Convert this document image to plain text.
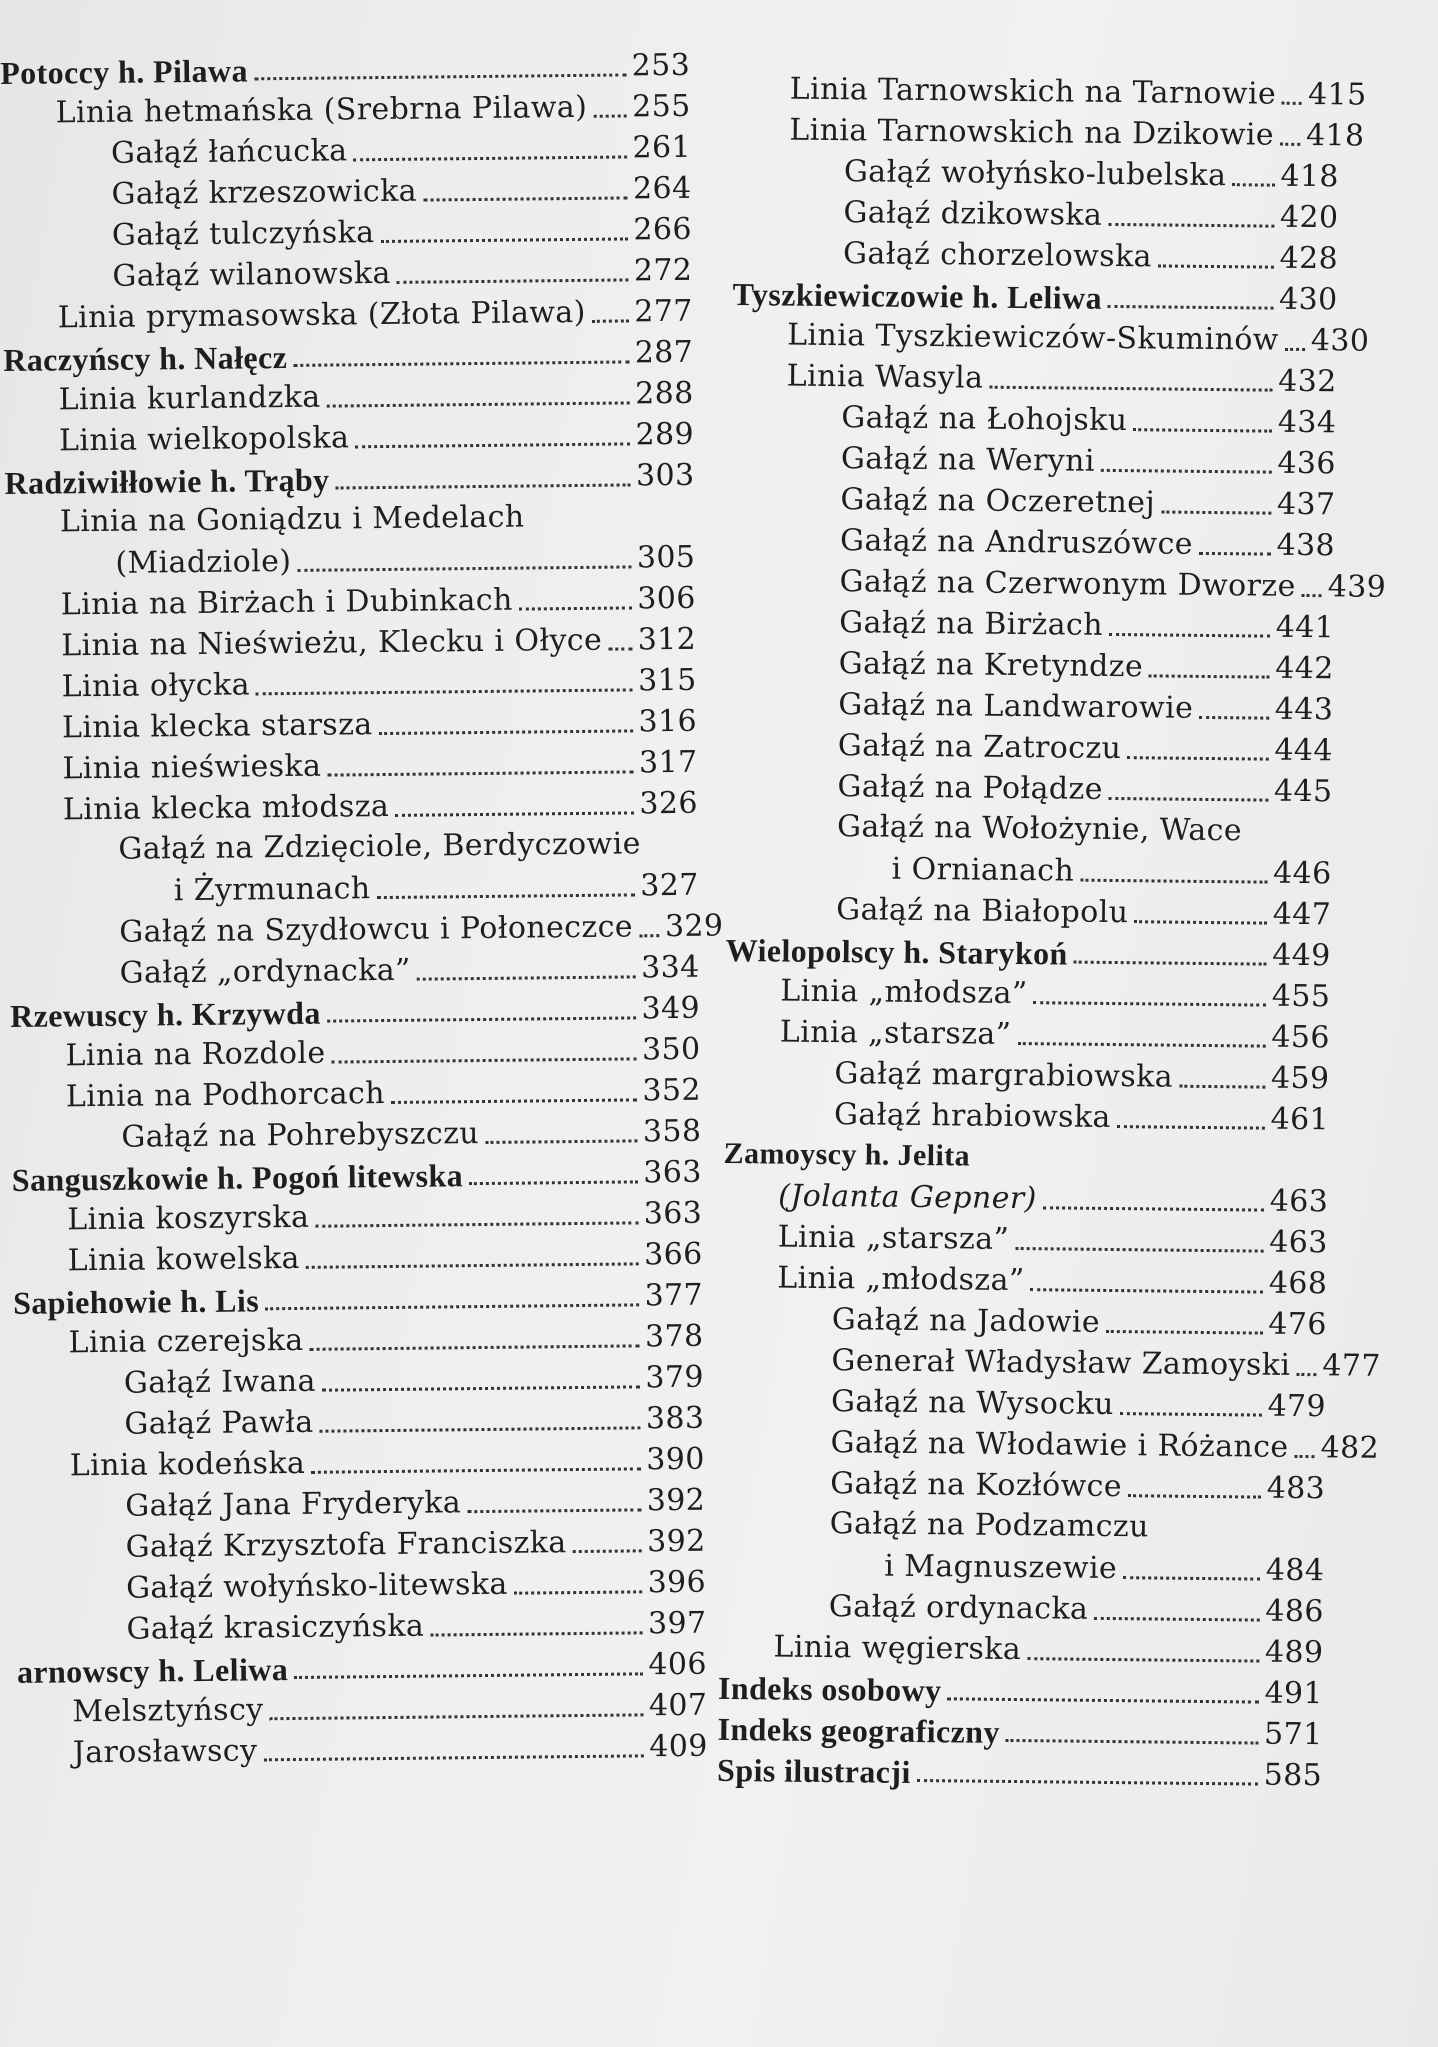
Potoccy h. Pilawa	253
Linia hetmańska (Srebrna Pilawa) 255
Gałąź łańcucka	261
Gałąź krzeszowicka	264
Gałąź tulczyńska	266
Gałąź wilanowska	272
Linia prymasowska (Złota Pilawa) 277
Raczyńscy h. Nałęcz	287
Linia kurlandzka	288
Linia wielkopolska	289
Radziwiłłowie h. Trąby	303
Linia na Goniądzu i Medelach
(Miadziole)	305
Linia na Birżach i Dubinkach	306
Linia na Nieświeżu, Klecku i Ołyce 312
Linia ołycka	315
Linia klecka starsza	316
Linia nieświeska	317
Linia klecka młodsza	326
Gałąź na Zdzięciole, Berdyczowie
i Żyrmunach	327
Gałąź na Szydłowcu i Połoneczce 329
Gałąź „ordynacka”	334
Rzewuscy h. Krzywda	349
Linia na Rozdole	350
Linia na Podhorcach	352
Gałąź na Pohrebyszczu	358
Sanguszkowie h. Pogoń litewska	363
Linia koszyrska	363
Linia kowelska	366
Sapiehowie h. Lis	377
Linia czerejska	378
Gałąź Iwana	379
Gałąź Pawła	383
Linia kodeńska	390
Gałąź Jana Fryderyka	392
Gałąź Krzysztofa Franciszka	392
Gałąź wołyńsko-litewska	396
Gałąź krasiczyńska	397
arnowscy h. Leliwa	406
Melsztyńscy	407
Jarosławscy	409
Linia Tarnowskich na Tarnowie 415
Linia Tarnowskich na Dzikowie 418
Gałąź wołyńsko-lubelska 418
Gałąź dzikowska	420
Gałąź chorzelowska	428
Tyszkiewiczowie h. Leliwa	430
Linia Tyszkiewiczów-Skuminów 430
Linia Wasyla	432
Gałąź na Łohojsku	434
Gałąź na Weryni	436
Gałąź na Oczeretnej	437
Gałąź na Andruszówce	438
Gałąź na Czerwonym Dworze 439
Gałąź na Birżach	441
Gałąź na Kretyndze	442
Gałąź na Landwarowie	443
Gałąź na Zatroczu	444
Gałąź na Połądze	445
Gałąź na Wołożynie, Wace
i Ornianach	446
Gałąź na Białopolu	447
Wielopolscy h. Starykoń	449
Linia „młodsza”	455
Linia „starsza”	456
Gałąź margrabiowska	459
Gałąź hrabiowska	461
Zamoyscy h. Jelita
(Jolanta Gepner)	463
Linia „starsza”	463
Linia „młodsza”	468
Gałąź na Jadowie	476
Generał Władysław Zamoyski 477
Gałąź na Wysocku	479
Gałąź na Włodawie i Różance 482
Gałąź na Kozłówce	483
Gałąź na Podzamczu
i Magnuszewie	484
Gałąź ordynacka	486
Linia węgierska	489
Indeks osobowy	491
Indeks geograficzny	571
Spis ilustracji	585
